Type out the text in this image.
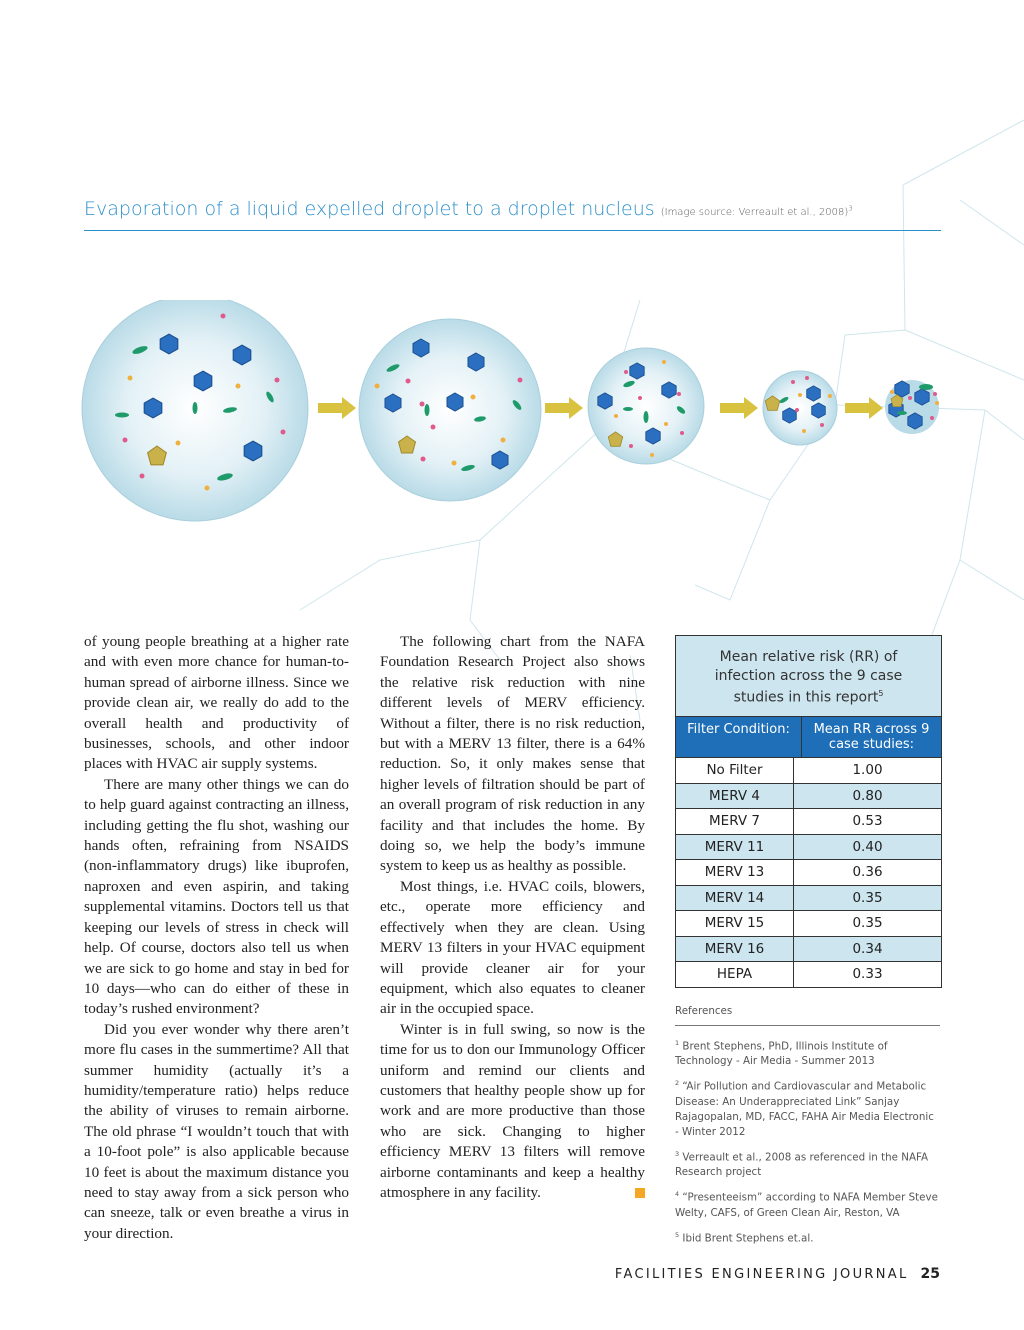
Evaporation of a liquid expelled droplet to a droplet nucleus (Image source: Verreault et al., 2008)$^3$

of young people breathing at a higher rate and with even more chance for human-to-human spread of airborne illness. Since we provide clean air, we really do add to the overall health and productivity of businesses, schools, and other indoor places with HVAC air supply systems.

There are many other things we can do to help guard against contracting an illness, including getting the flu shot, washing our hands often, refraining from NSAIDS (non-inflammatory drugs) like ibuprofen, naproxen and even aspirin, and taking supplemental vitamins. Doctors tell us that keeping our levels of stress in check will help. Of course, doctors also tell us when we are sick to go home and stay in bed for 10 days—who can do either of these in today’s rushed environment?

Did you ever wonder why there aren’t more flu cases in the summertime? All that summer humidity (actually it’s a humidity/temperature ratio) helps reduce the ability of viruses to remain airborne. The old phrase “I wouldn’t touch that with a 10-foot pole” is also applicable because 10 feet is about the maximum distance you need to stay away from a sick person who can sneeze, talk or even breathe a virus in your direction.

The following chart from the NAFA Foundation Research Project also shows the relative risk reduction with nine different levels of MERV efficiency. Without a filter, there is no risk reduction, but with a MERV 13 filter, there is a 64% reduction. So, it only makes sense that higher levels of filtration should be part of an overall program of risk reduction in any facility and that includes the home. By doing so, we help the body’s immune system to keep us as healthy as possible.

Most things, i.e. HVAC coils, blowers, etc., operate more efficiency and effectively when they are clean. Using MERV 13 filters in your HVAC equipment will provide cleaner air for your equipment, which also equates to cleaner air in the occupied space.

Winter is in full swing, so now is the time for us to don our Immunology Officer uniform and remind our clients and customers that healthy people show up for work and are more productive than those who are sick. Changing to higher efficiency MERV 13 filters will remove airborne contaminants and keep a healthy atmosphere in any facility.

Mean relative risk (RR) of infection across the 9 case studies in this report$^5$
Filter Condition:	Mean RR across 9 case studies:
No Filter	1.00
MERV 4	0.80
MERV 7	0.53
MERV 11	0.40
MERV 13	0.36
MERV 14	0.35
MERV 15	0.35
MERV 16	0.34
HEPA	0.33
References
$^1$ Brent Stephens, PhD, Illinois Institute of Technology - Air Media - Summer 2013
$^2$ “Air Pollution and Cardiovascular and Metabolic Disease: An Underappreciated Link” Sanjay Rajagopalan, MD, FACC, FAHA Air Media Electronic - Winter 2012
$^3$ Verreault et al., 2008 as referenced in the NAFA Research project
$^4$ “Presenteeism” according to NAFA Member Steve Welty, CAFS, of Green Clean Air, Reston, VA
$^5$ Ibid Brent Stephens et.al.
FACILITIES ENGINEERING JOURNAL 25
